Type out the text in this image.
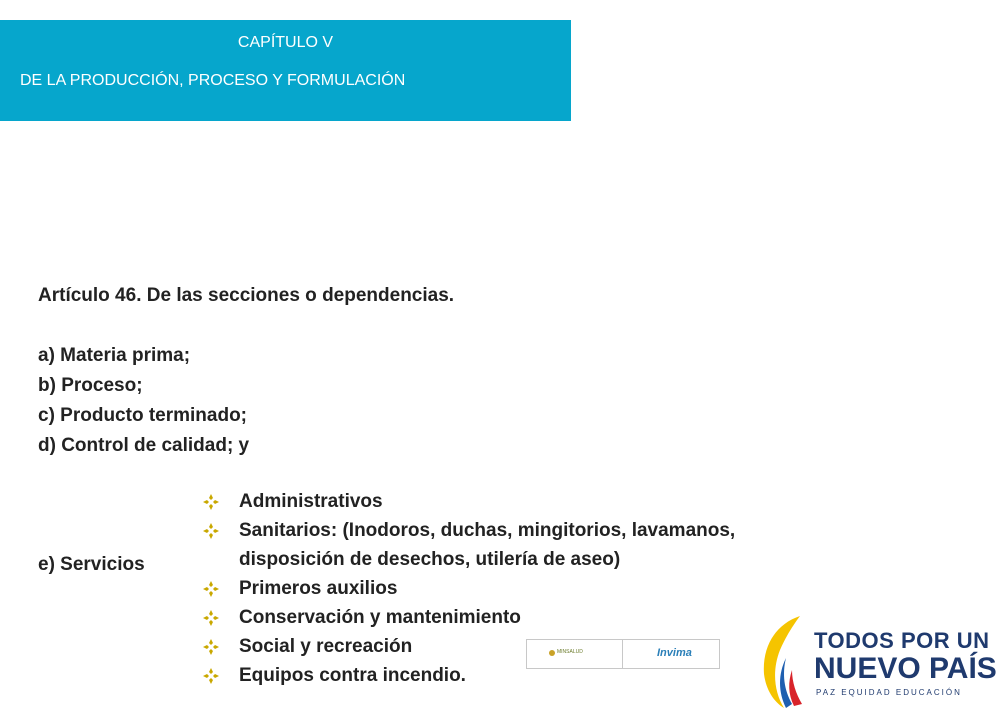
CAPÍTULO V
DE LA PRODUCCIÓN, PROCESO Y FORMULACIÓN
Artículo 46. De las secciones o dependencias.
a) Materia prima;
b) Proceso;
c) Producto terminado;
d) Control de calidad; y
e) Servicios
Administrativos
Sanitarios: (Inodoros, duchas, mingitorios, lavamanos,
disposición de desechos, utilería de aseo)
Primeros auxilios
Conservación y mantenimiento
Social y recreación
Equipos contra incendio.
MINSALUD	Invima	TODOS POR UN
NUEVO PAÍS
PAZ EQUIDAD EDUCACIÓN
